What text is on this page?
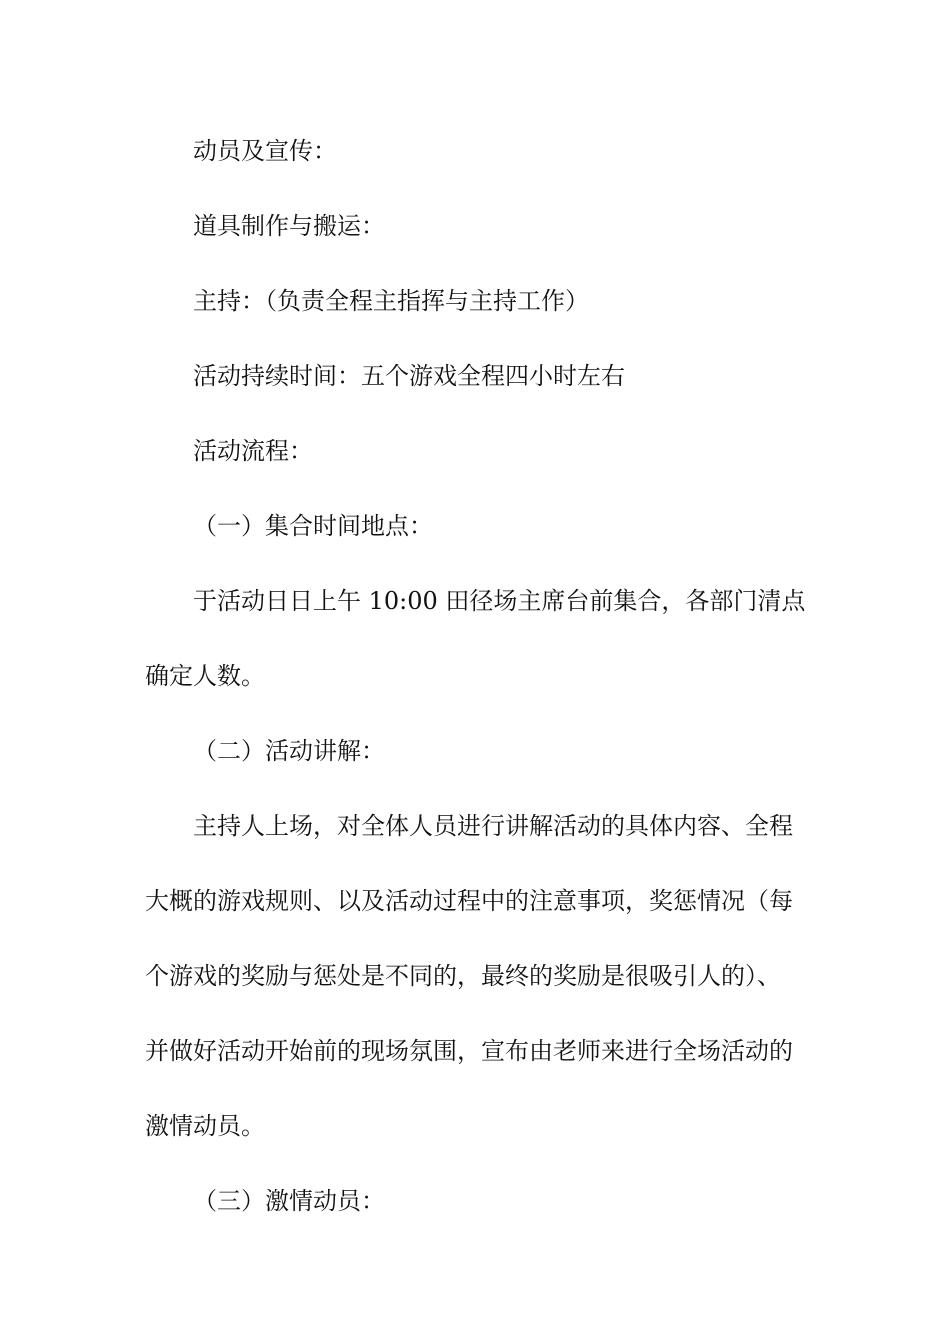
动员及宣传：
道具制作与搬运：
主持：（负责全程主指挥与主持工作）
活动持续时间：五个游戏全程四小时左右
活动流程：
（一）集合时间地点：
于活动日日上午 10:00 田径场主席台前集合，各部门清点
确定人数。
（二）活动讲解：
主持人上场，对全体人员进行讲解活动的具体内容、全程
大概的游戏规则、以及活动过程中的注意事项，奖惩情况（每
个游戏的奖励与惩处是不同的，最终的奖励是很吸引人的）、
并做好活动开始前的现场氛围，宣布由老师来进行全场活动的
激情动员。
（三）激情动员：
